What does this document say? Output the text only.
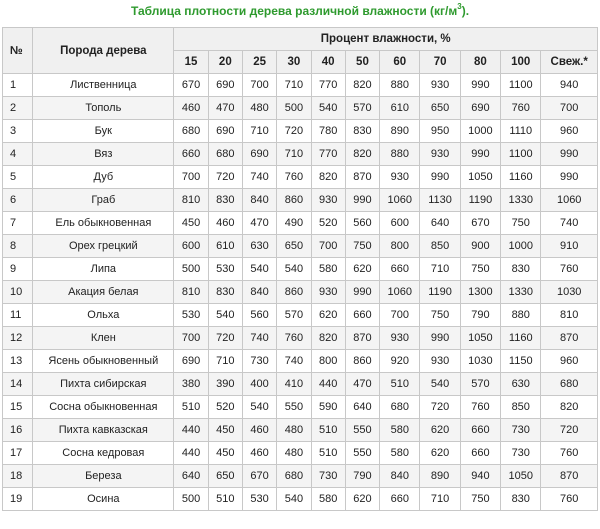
Таблица плотности дерева различной влажности $(кг/м^3)$.
№	Порода дерева	Процент влажности, %										
		15	20	25	30	40	50	60	70	80	100	Свеж.*
1	Лиственница	670	690	700	710	770	820	880	930	990	1100	940
2	Тополь	460	470	480	500	540	570	610	650	690	760	700
3	Бук	680	690	710	720	780	830	890	950	1000	1110	960
4	Вяз	660	680	690	710	770	820	880	930	990	1100	990
5	Дуб	700	720	740	760	820	870	930	990	1050	1160	990
6	Граб	810	830	840	860	930	990	1060	1130	1190	1330	1060
7	Ель обыкновенная	450	460	470	490	520	560	600	640	670	750	740
8	Орех грецкий	600	610	630	650	700	750	800	850	900	1000	910
9	Липа	500	530	540	540	580	620	660	710	750	830	760
10	Акация белая	810	830	840	860	930	990	1060	1190	1300	1330	1030
11	Ольха	530	540	560	570	620	660	700	750	790	880	810
12	Клен	700	720	740	760	820	870	930	990	1050	1160	870
13	Ясень обыкновенный	690	710	730	740	800	860	920	930	1030	1150	960
14	Пихта сибирская	380	390	400	410	440	470	510	540	570	630	680
15	Сосна обыкновенная	510	520	540	550	590	640	680	720	760	850	820
16	Пихта кавказская	440	450	460	480	510	550	580	620	660	730	720
17	Сосна кедровая	440	450	460	480	510	550	580	620	660	730	760
18	Береза	640	650	670	680	730	790	840	890	940	1050	870
19	Осина	500	510	530	540	580	620	660	710	750	830	760
